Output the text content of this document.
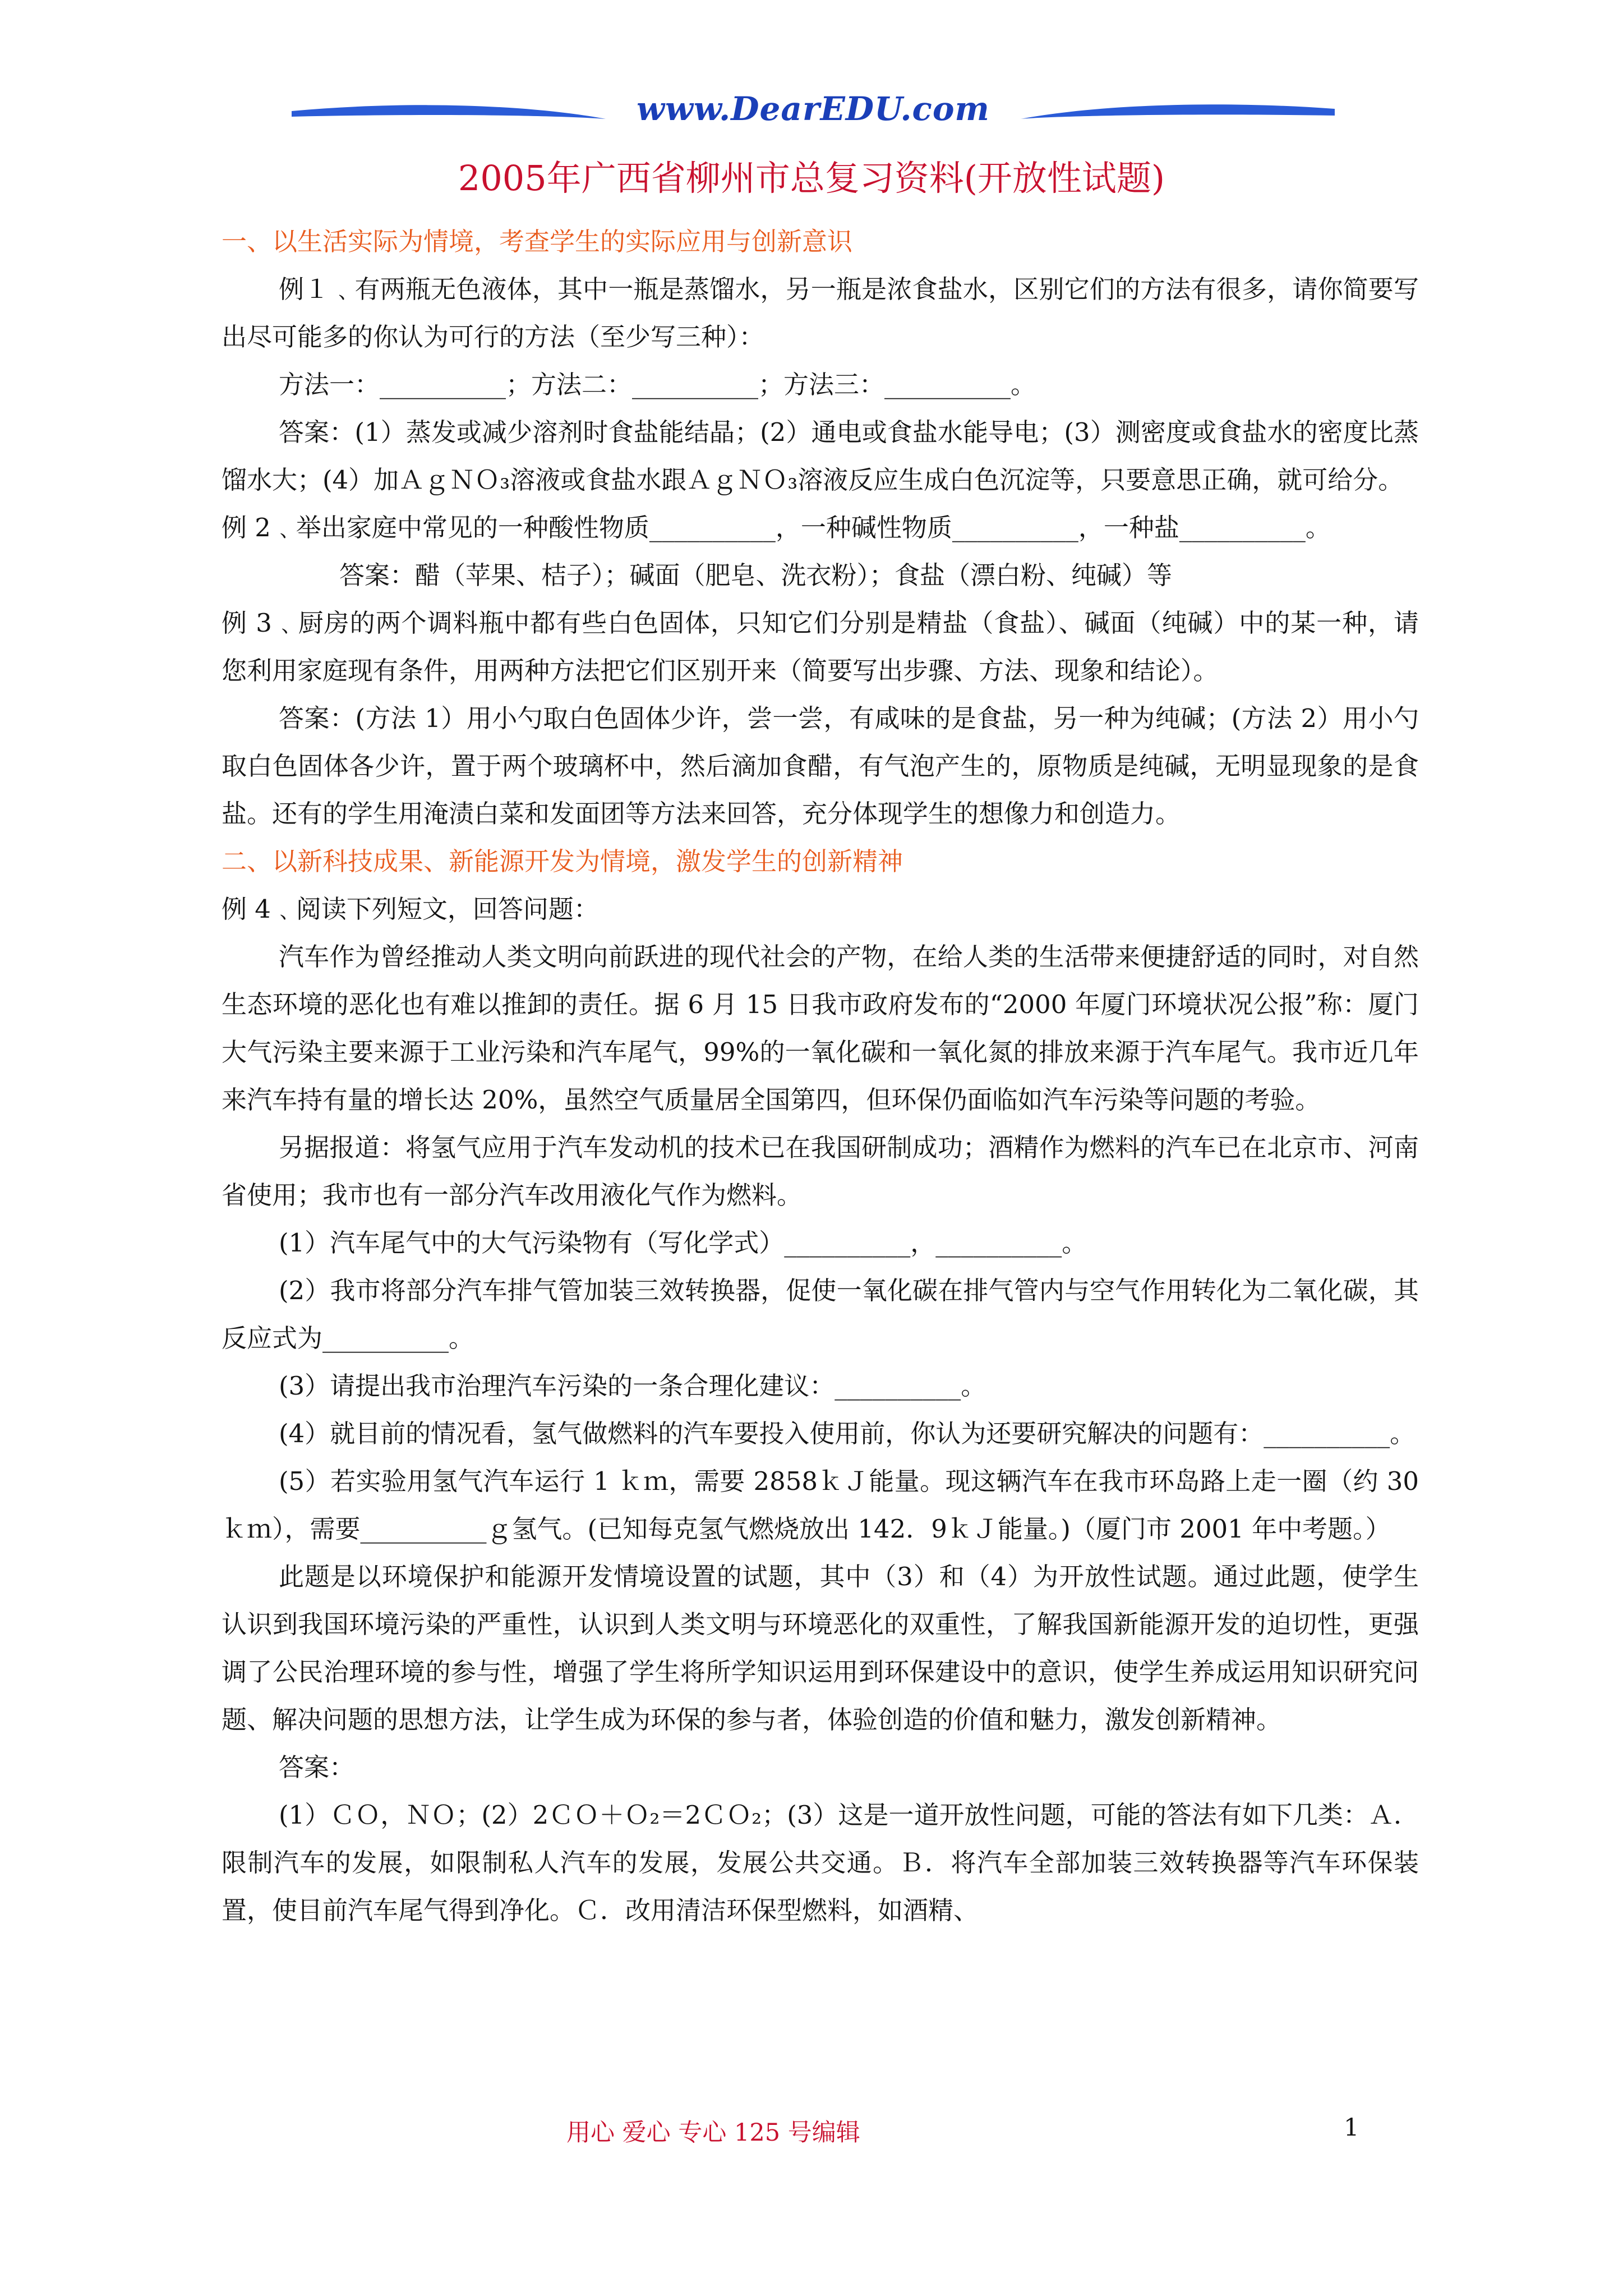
www.DearEDU.com
2005年广西省柳州市总复习资料(开放性试题)

一、以生活实际为情境，考查学生的实际应用与创新意识

例１﹑有两瓶无色液体，其中一瓶是蒸馏水，另一瓶是浓食盐水，区别它们的方法有很多，请你简要写出尽可能多的你认为可行的方法（至少写三种）：

方法一：__________；方法二：__________；方法三：__________。

答案：(1）蒸发或减少溶剂时食盐能结晶；(2）通电或食盐水能导电；(3）测密度或食盐水的密度比蒸馏水大；(4）加ＡｇＮＯ₃溶液或食盐水跟ＡｇＮＯ₃溶液反应生成白色沉淀等，只要意思正确，就可给分。

例 2﹑举出家庭中常见的一种酸性物质__________，一种碱性物质__________，一种盐__________。

答案：醋（苹果、桔子）；碱面（肥皂、洗衣粉）；食盐（漂白粉、纯碱）等

例 3﹑厨房的两个调料瓶中都有些白色固体，只知它们分别是精盐（食盐）、碱面（纯碱）中的某一种，请您利用家庭现有条件，用两种方法把它们区别开来（简要写出步骤、方法、现象和结论）。

答案：(方法 1）用小勺取白色固体少许，尝一尝，有咸味的是食盐，另一种为纯碱；(方法 2）用小勺取白色固体各少许，置于两个玻璃杯中，然后滴加食醋，有气泡产生的，原物质是纯碱，无明显现象的是食盐。还有的学生用淹渍白菜和发面团等方法来回答，充分体现学生的想像力和创造力。

二、以新科技成果、新能源开发为情境，激发学生的创新精神

例 4﹑阅读下列短文，回答问题：

汽车作为曾经推动人类文明向前跃进的现代社会的产物，在给人类的生活带来便捷舒适的同时，对自然生态环境的恶化也有难以推卸的责任。据 6 月 15 日我市政府发布的“2000 年厦门环境状况公报”称：厦门大气污染主要来源于工业污染和汽车尾气，99%的一氧化碳和一氧化氮的排放来源于汽车尾气。我市近几年来汽车持有量的增长达 20%，虽然空气质量居全国第四，但环保仍面临如汽车污染等问题的考验。

另据报道：将氢气应用于汽车发动机的技术已在我国研制成功；酒精作为燃料的汽车已在北京市、河南省使用；我市也有一部分汽车改用液化气作为燃料。

(1）汽车尾气中的大气污染物有（写化学式）__________，__________。

(2）我市将部分汽车排气管加装三效转换器，促使一氧化碳在排气管内与空气作用转化为二氧化碳，其反应式为__________。

(3）请提出我市治理汽车污染的一条合理化建议：__________。

(4）就目前的情况看，氢气做燃料的汽车要投入使用前，你认为还要研究解决的问题有：__________。

(5）若实验用氢气汽车运行 1 ｋｍ，需要 2858ｋＪ能量。现这辆汽车在我市环岛路上走一圈（约 30 ｋｍ），需要__________ｇ氢气。(已知每克氢气燃烧放出 142．9ｋＪ能量。)（厦门市 2001 年中考题。）

此题是以环境保护和能源开发情境设置的试题，其中（3）和（4）为开放性试题。通过此题，使学生认识到我国环境污染的严重性，认识到人类文明与环境恶化的双重性，了解我国新能源开发的迫切性，更强调了公民治理环境的参与性，增强了学生将所学知识运用到环保建设中的意识，使学生养成运用知识研究问题、解决问题的思想方法，让学生成为环保的参与者，体验创造的价值和魅力，激发创新精神。

答案：

(1）ＣＯ，ＮＯ；(2）2ＣＯ＋Ｏ₂＝2ＣＯ₂；(3）这是一道开放性问题，可能的答法有如下几类：Ａ．限制汽车的发展，如限制私人汽车的发展，发展公共交通。Ｂ．将汽车全部加装三效转换器等汽车环保装置，使目前汽车尾气得到净化。Ｃ．改用清洁环保型燃料，如酒精、

用心 爱心 专心 125 号编辑	1
